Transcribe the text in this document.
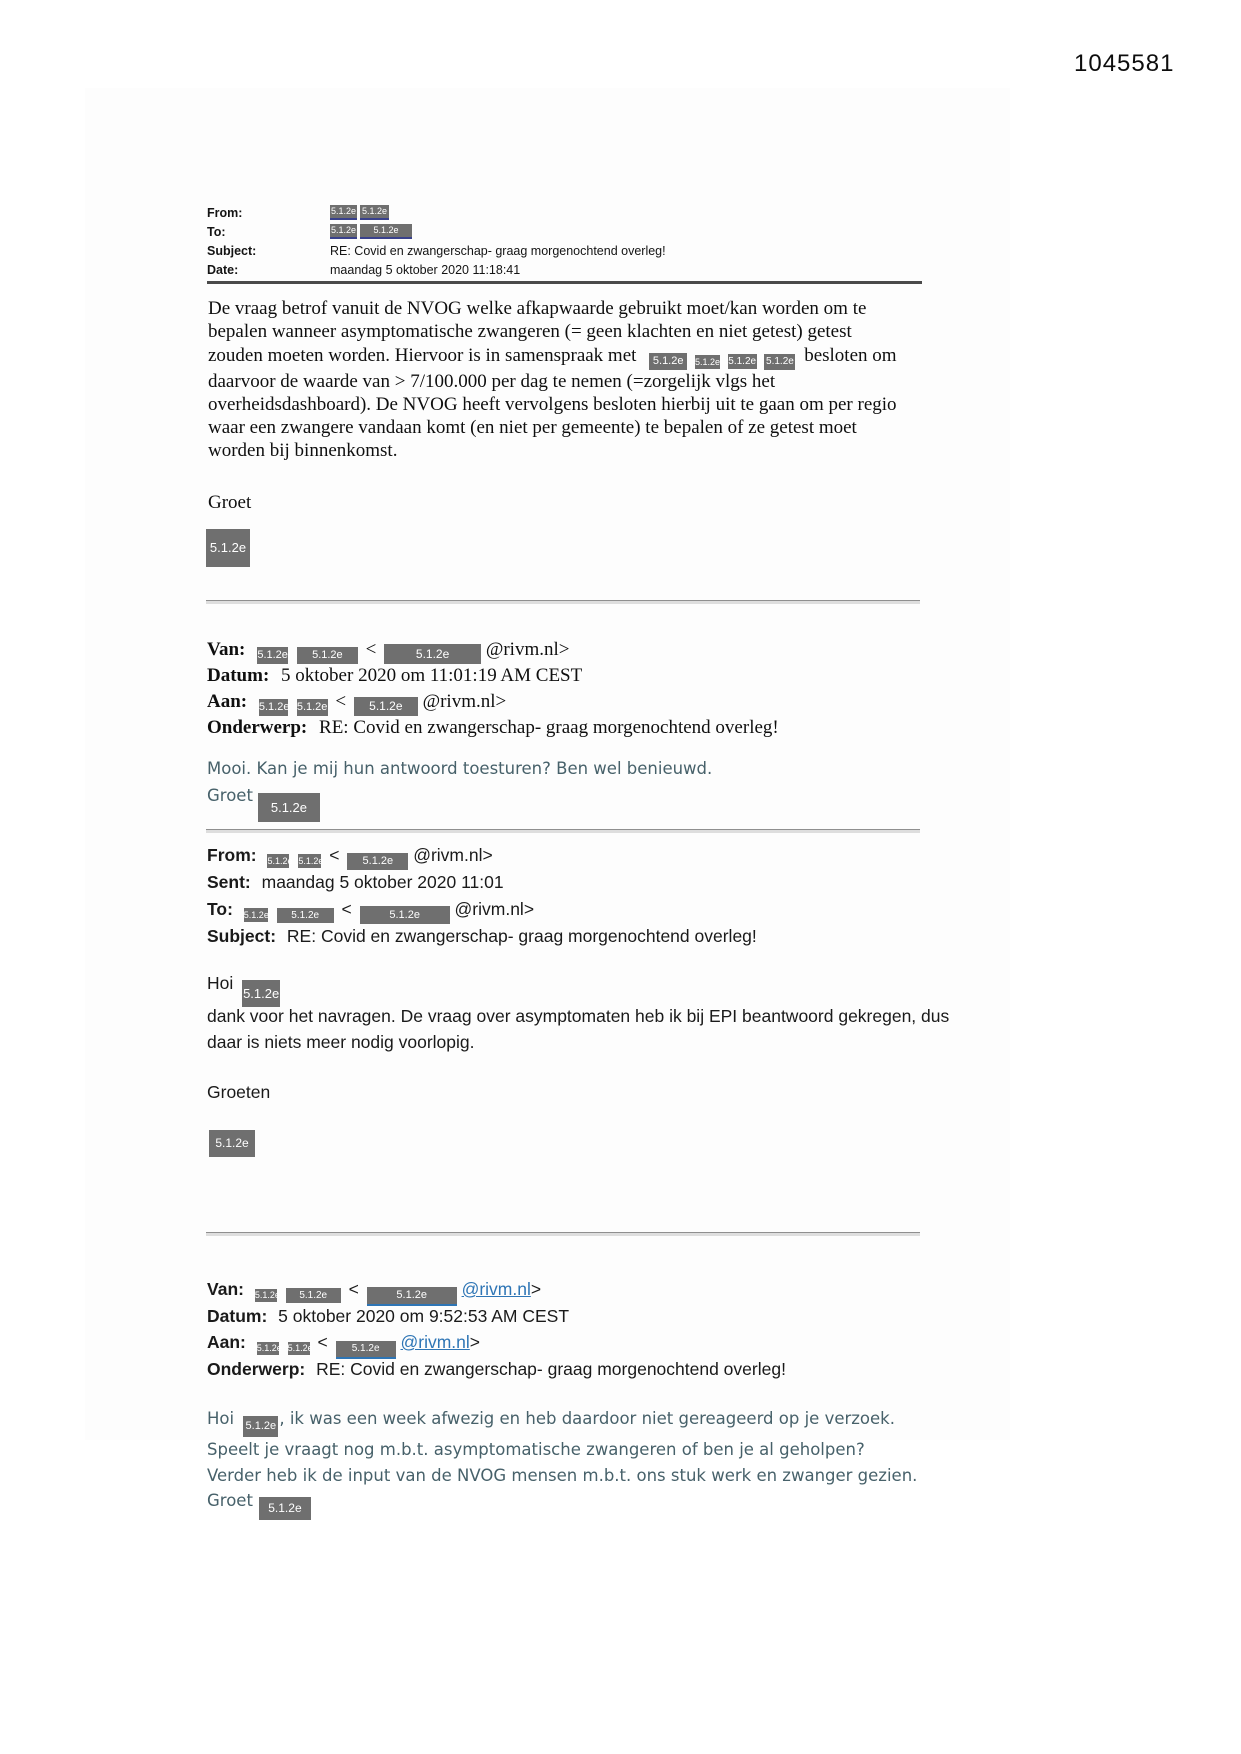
1045581
From:	5.1.2e 5.1.2e
To:	5.1.2e	5.1.2e
Subject:	RE: Covid en zwangerschap- graag morgenochtend overleg!
Date:	maandag 5 oktober 2020 11:18:41
De vraag betrof vanuit de NVOG welke afkapwaarde gebruikt moet/kan worden om te
bepalen wanneer asymptomatische zwangeren (= geen klachten en niet getest) getest
zouden moeten worden. Hiervoor is in samenspraak met 5.1.2e 5.1.2e 5.1.2e 5.1.2e besloten om
daarvoor de waarde van > 7/100.000 per dag te nemen (=zorgelijk vlgs het
overheidsdashboard). De NVOG heeft vervolgens besloten hierbij uit te gaan om per regio
waar een zwangere vandaan komt (en niet per gemeente) te bepalen of ze getest moet
worden bij binnenkomst.
Groet
5.1.2e
Van: 5.1.2e 5.1.2e <	5.1.2e @rivm.nl>
Datum: 5 oktober 2020 om 11:01:19 AM CEST
Aan: 5.1.2e 5.1.2e < 5.1.2e @rivm.nl>
Onderwerp: RE: Covid en zwangerschap- graag morgenochtend overleg!
Mooi. Kan je mij hun antwoord toesturen? Ben wel benieuwd.
Groet5.1.2e
From: 5.1.2e 5.1.2e < 5.1.2e @rivm.nl>
Sent: maandag 5 oktober 2020 11:01
To: 5.1.2e 5.1.2e <	5.1.2e @rivm.nl>
Subject: RE: Covid en zwangerschap- graag morgenochtend overleg!
Hoi 5.1.2e
dank voor het navragen. De vraag over asymptomaten heb ik bij EPI beantwoord gekregen, dus
daar is niets meer nodig voorlopig.
Groeten
5.1.2e
Van: 5.1.2e 5.1.2e <	5.1.2e @rivm.nl>
Datum: 5 oktober 2020 om 9:52:53 AM CEST
Aan: 5.1.2e 5.1.2e < 5.1.2e @rivm.nl>
Onderwerp: RE: Covid en zwangerschap- graag morgenochtend overleg!
Hoi 5.1.2e , ik was een week afwezig en heb daardoor niet gereageerd op je verzoek.
Speelt je vraagt nog m.b.t. asymptomatische zwangeren of ben je al geholpen?
Verder heb ik de input van de NVOG mensen m.b.t. ons stuk werk en zwanger gezien.
Groet 5.1.2e
